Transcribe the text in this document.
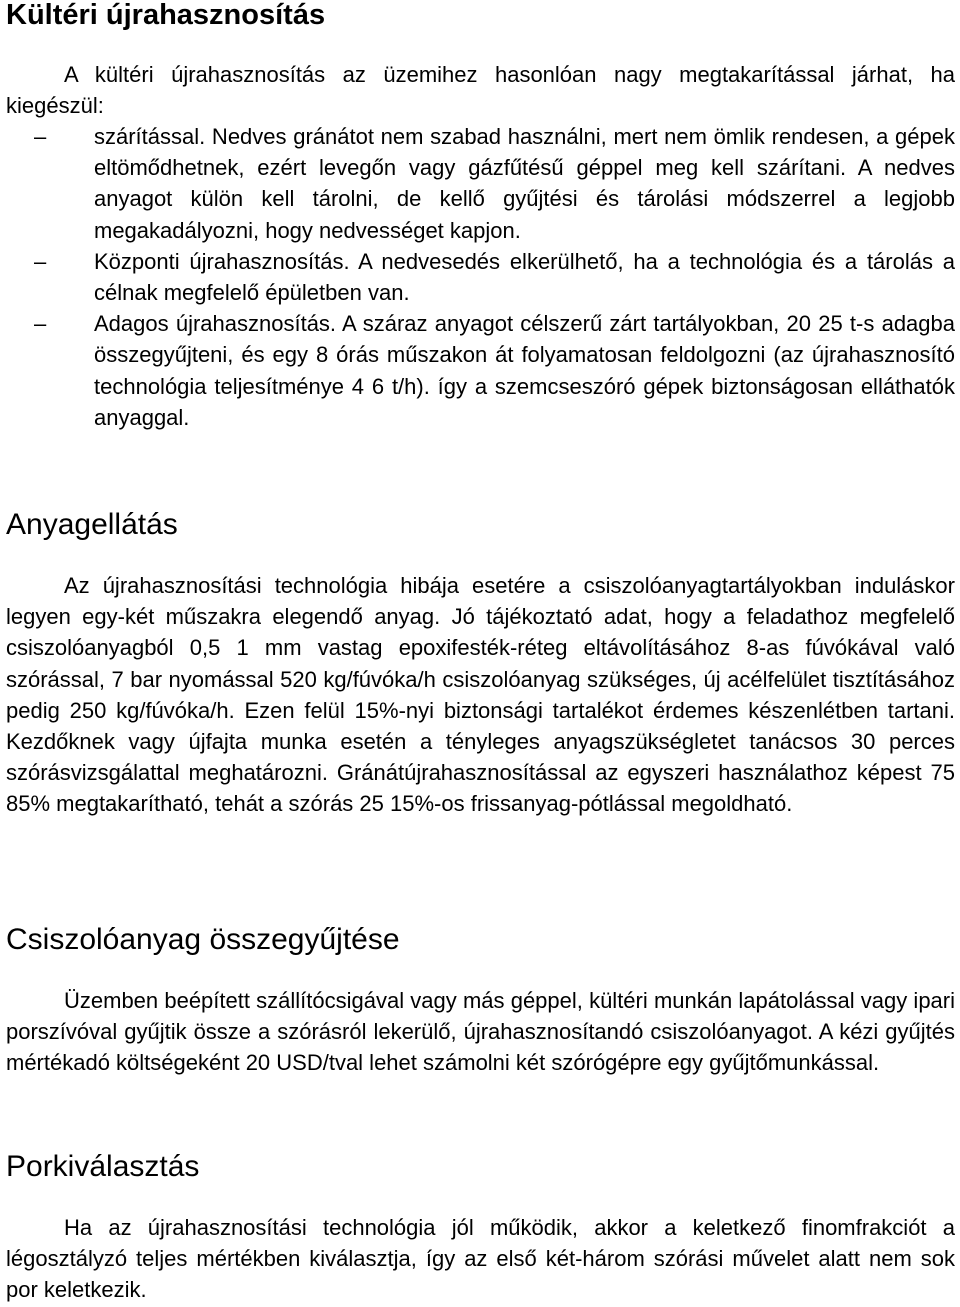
Kültéri újrahasznosítás

A kültéri újrahasznosítás az üzemihez hasonlóan nagy megtakarítással járhat, ha kiegészül:

– szárítással. Nedves gránátot nem szabad használni, mert nem ömlik rendesen, a gépek eltömődhetnek, ezért levegőn vagy gázfűtésű géppel meg kell szárítani. A nedves anyagot külön kell tárolni, de kellő gyűjtési és tárolási módszerrel a legjobb megakadályozni, hogy nedvességet kapjon.
– Központi újrahasznosítás. A nedvesedés elkerülhető, ha a technológia és a tárolás a célnak megfelelő épületben van.
– Adagos újrahasznosítás. A száraz anyagot célszerű zárt tartályokban, 20 25 t-s adagba összegyűjteni, és egy 8 órás műszakon át folyamatosan feldolgozni (az újrahasznosító technológia teljesítménye 4 6 t/h). így a szemcseszóró gépek biztonságosan elláthatók anyaggal.
Anyagellátás

Az újrahasznosítási technológia hibája esetére a csiszolóanyagtartályokban induláskor legyen egy-két műszakra elegendő anyag. Jó tájékoztató adat, hogy a feladathoz megfelelő csiszolóanyagból 0,5 1 mm vastag epoxifesték-réteg eltávolításához 8-as fúvókával való szórással, 7 bar nyomással 520 kg/fúvóka/h csiszolóanyag szükséges, új acélfelület tisztításához pedig 250 kg/fúvóka/h. Ezen felül 15%-nyi biztonsági tartalékot érdemes készenlétben tartani. Kezdőknek vagy újfajta munka esetén a tényleges anyagszükségletet tanácsos 30 perces szórásvizsgálattal meghatározni. Gránátújrahasznosítással az egyszeri használathoz képest 75 85% megtakarítható, tehát a szórás 25 15%-os frissanyag-pótlással megoldható.

Csiszolóanyag összegyűjtése

Üzemben beépített szállítócsigával vagy más géppel, kültéri munkán lapátolással vagy ipari porszívóval gyűjtik össze a szórásról lekerülő, újrahasznosítandó csiszolóanyagot. A kézi gyűjtés mértékadó költségeként 20 USD/tval lehet számolni két szórógépre egy gyűjtőmunkással.

Porkiválasztás

Ha az újrahasznosítási technológia jól működik, akkor a keletkező finomfrakciót a légosztályzó teljes mértékben kiválasztja, így az első két-három szórási művelet alatt nem sok por keletkezik.
